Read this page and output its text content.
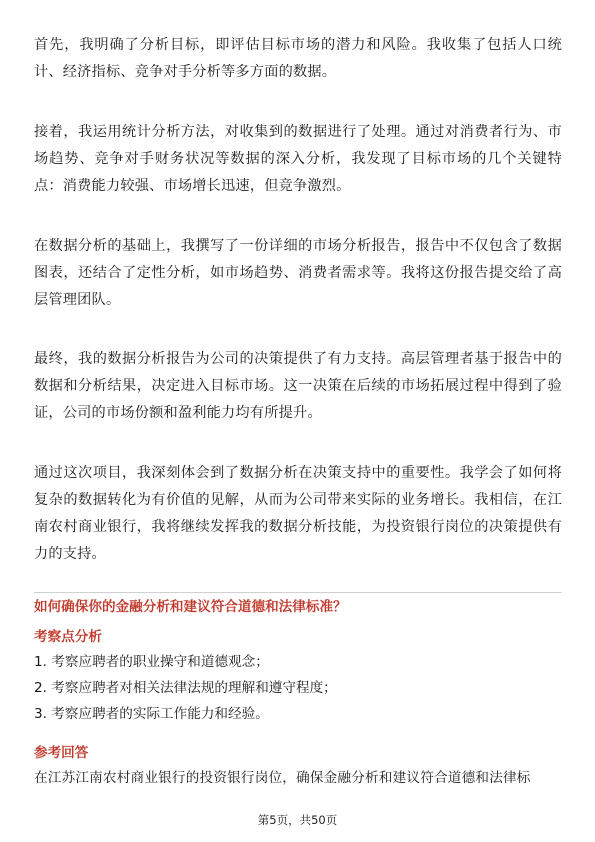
首先，我明确了分析目标，即评估目标市场的潜力和风险。我收集了包括人口统计、经济指标、竞争对手分析等多方面的数据。

接着，我运用统计分析方法，对收集到的数据进行了处理。通过对消费者行为、市场趋势、竞争对手财务状况等数据的深入分析，我发现了目标市场的几个关键特点：消费能力较强、市场增长迅速，但竞争激烈。

在数据分析的基础上，我撰写了一份详细的市场分析报告，报告中不仅包含了数据图表，还结合了定性分析，如市场趋势、消费者需求等。我将这份报告提交给了高层管理团队。

最终，我的数据分析报告为公司的决策提供了有力支持。高层管理者基于报告中的数据和分析结果，决定进入目标市场。这一决策在后续的市场拓展过程中得到了验证，公司的市场份额和盈利能力均有所提升。

通过这次项目，我深刻体会到了数据分析在决策支持中的重要性。我学会了如何将复杂的数据转化为有价值的见解，从而为公司带来实际的业务增长。我相信，在江南农村商业银行，我将继续发挥我的数据分析技能，为投资银行岗位的决策提供有力的支持。

如何确保你的金融分析和建议符合道德和法律标准？

考察点分析

1. 考察应聘者的职业操守和道德观念；
2. 考察应聘者对相关法律法规的理解和遵守程度；
3. 考察应聘者的实际工作能力和经验。

参考回答

在江苏江南农村商业银行的投资银行岗位，确保金融分析和建议符合道德和法律标

第5页，共50页
